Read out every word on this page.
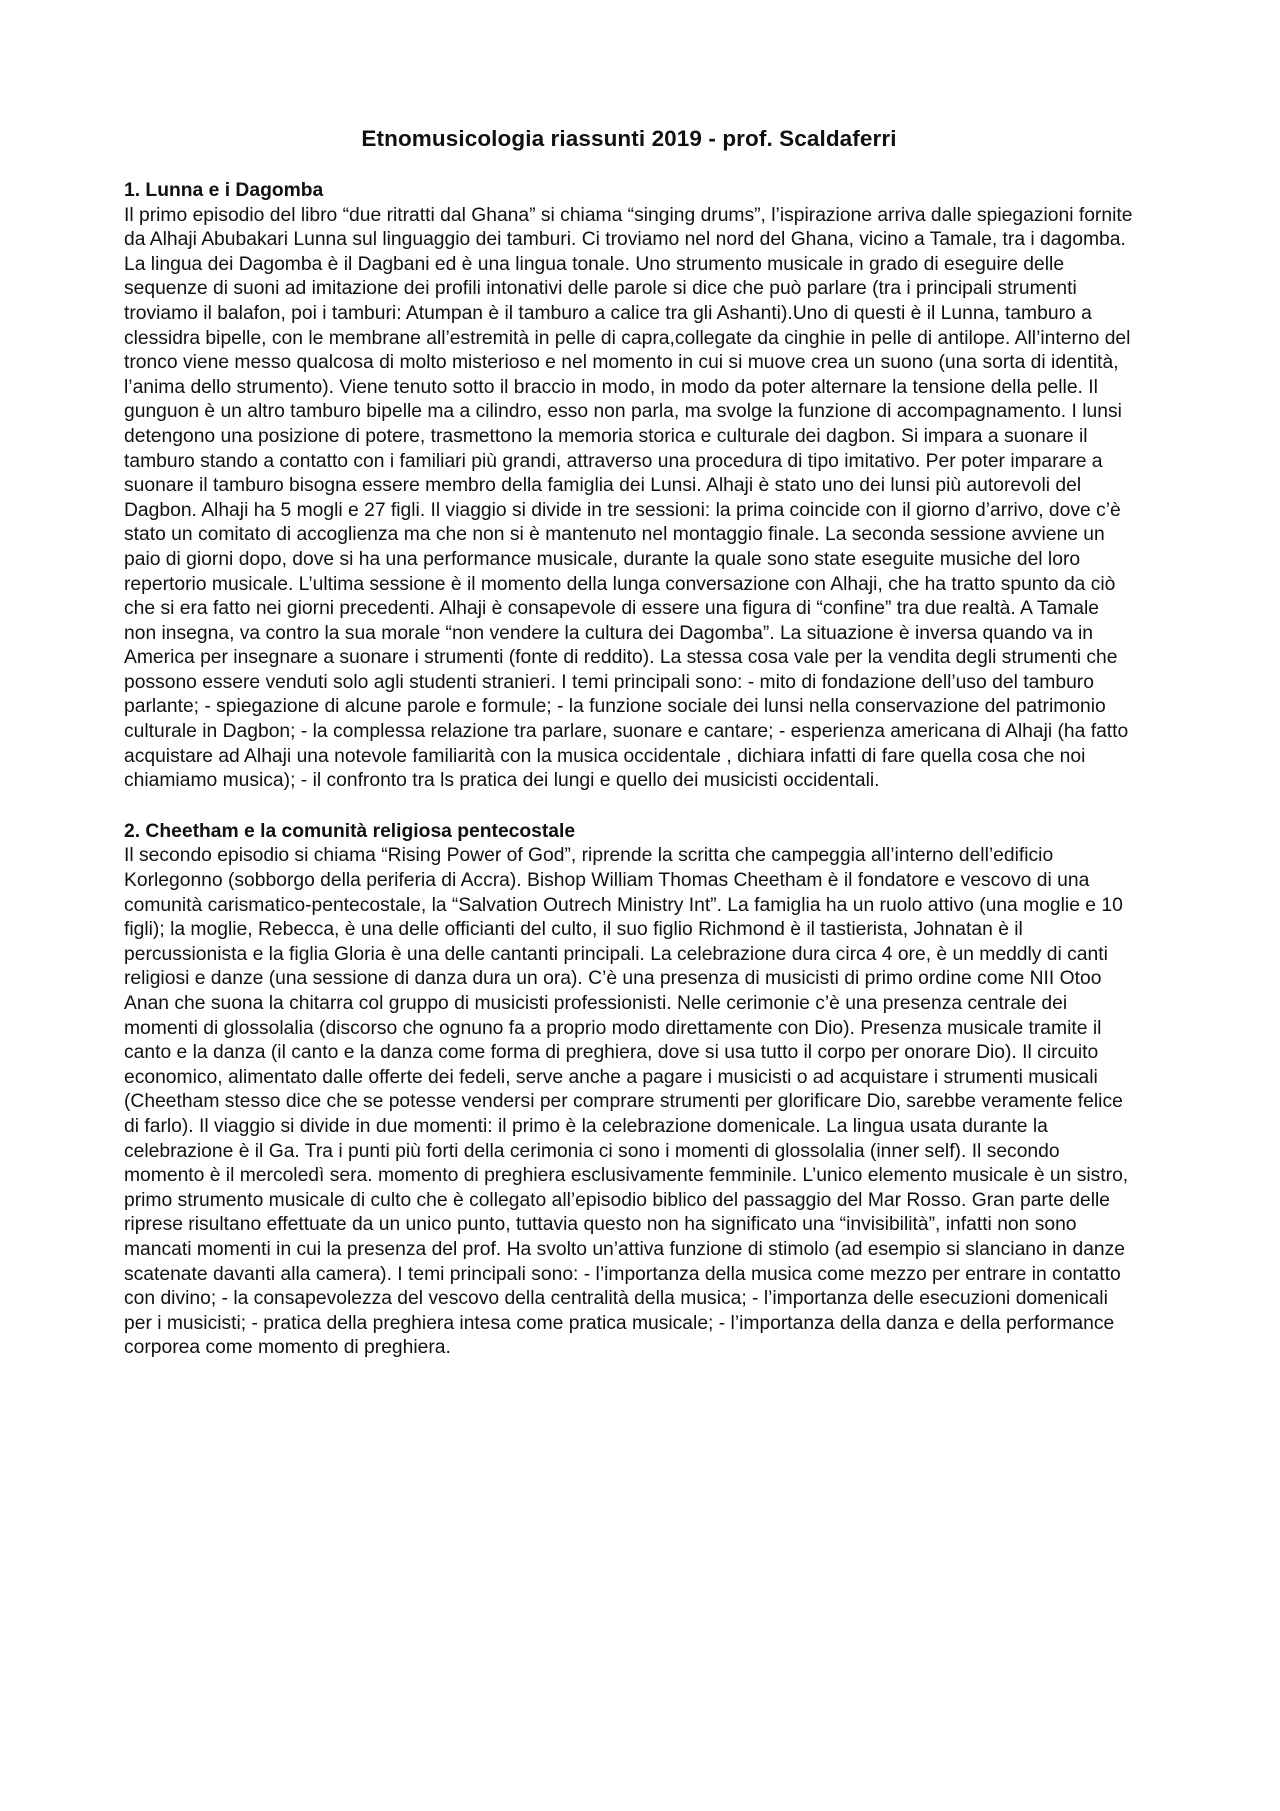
Etnomusicologia riassunti 2019 - prof. Scaldaferri
1. Lunna e i Dagomba

Il primo episodio del libro “due ritratti dal Ghana” si chiama “singing drums”, l’ispirazione arriva dalle spiegazioni fornite da Alhaji Abubakari Lunna sul linguaggio dei tamburi. Ci troviamo nel nord del Ghana, vicino a Tamale, tra i dagomba. La lingua dei Dagomba è il Dagbani ed è una lingua tonale. Uno strumento musicale in grado di eseguire delle sequenze di suoni ad imitazione dei profili intonativi delle parole si dice che può parlare (tra i principali strumenti troviamo il balafon, poi i tamburi: Atumpan è il tamburo a calice tra gli Ashanti).Uno di questi è il Lunna, tamburo a clessidra bipelle, con le membrane all’estremità in pelle di capra,collegate da cinghie in pelle di antilope. All’interno del tronco viene messo qualcosa di molto misterioso e nel momento in cui si muove crea un suono (una sorta di identità, l’anima dello strumento). Viene tenuto sotto il braccio in modo, in modo da poter alternare la tensione della pelle. Il gunguon è un altro tamburo bipelle ma a cilindro, esso non parla, ma svolge la funzione di accompagnamento. I lunsi detengono una posizione di potere, trasmettono la memoria storica e culturale dei dagbon. Si impara a suonare il tamburo stando a contatto con i familiari più grandi, attraverso una procedura di tipo imitativo. Per poter imparare a suonare il tamburo bisogna essere membro della famiglia dei Lunsi. Alhaji è stato uno dei lunsi più autorevoli del Dagbon. Alhaji ha 5 mogli e 27 figli. Il viaggio si divide in tre sessioni: la prima coincide con il giorno d’arrivo, dove c’è stato un comitato di accoglienza ma che non si è mantenuto nel montaggio finale. La seconda sessione avviene un paio di giorni dopo, dove si ha una performance musicale, durante la quale sono state eseguite musiche del loro repertorio musicale. L’ultima sessione è il momento della lunga conversazione con Alhaji, che ha tratto spunto da ciò che si era fatto nei giorni precedenti. Alhaji è consapevole di essere una figura di “confine” tra due realtà. A Tamale non insegna, va contro la sua morale “non vendere la cultura dei Dagomba”. La situazione è inversa quando va in America per insegnare a suonare i strumenti (fonte di reddito). La stessa cosa vale per la vendita degli strumenti che possono essere venduti solo agli studenti stranieri. I temi principali sono: - mito di fondazione dell’uso del tamburo parlante; - spiegazione di alcune parole e formule; - la funzione sociale dei lunsi nella conservazione del patrimonio culturale in Dagbon; - la complessa relazione tra parlare, suonare e cantare; - esperienza americana di Alhaji (ha fatto acquistare ad Alhaji una notevole familiarità con la musica occidentale , dichiara infatti di fare quella cosa che noi chiamiamo musica); - il confronto tra ls pratica dei lungi e quello dei musicisti occidentali.

2. Cheetham e la comunità religiosa pentecostale

Il secondo episodio si chiama “Rising Power of God”, riprende la scritta che campeggia all’interno dell’edificio Korlegonno (sobborgo della periferia di Accra). Bishop William Thomas Cheetham è il fondatore e vescovo di una comunità carismatico-pentecostale, la “Salvation Outrech Ministry Int”. La famiglia ha un ruolo attivo (una moglie e 10 figli); la moglie, Rebecca, è una delle officianti del culto, il suo figlio Richmond è il tastierista, Johnatan è il percussionista e la figlia Gloria è una delle cantanti principali. La celebrazione dura circa 4 ore, è un meddly di canti religiosi e danze (una sessione di danza dura un ora). C’è una presenza di musicisti di primo ordine come NII Otoo Anan che suona la chitarra col gruppo di musicisti professionisti. Nelle cerimonie c’è una presenza centrale dei momenti di glossolalia (discorso che ognuno fa a proprio modo direttamente con Dio). Presenza musicale tramite il canto e la danza (il canto e la danza come forma di preghiera, dove si usa tutto il corpo per onorare Dio). Il circuito economico, alimentato dalle offerte dei fedeli, serve anche a pagare i musicisti o ad acquistare i strumenti musicali (Cheetham stesso dice che se potesse vendersi per comprare strumenti per glorificare Dio, sarebbe veramente felice di farlo). Il viaggio si divide in due momenti: il primo è la celebrazione domenicale. La lingua usata durante la celebrazione è il Ga. Tra i punti più forti della cerimonia ci sono i momenti di glossolalia (inner self). Il secondo momento è il mercoledì sera. momento di preghiera esclusivamente femminile. L’unico elemento musicale è un sistro, primo strumento musicale di culto che è collegato all’episodio biblico del passaggio del Mar Rosso. Gran parte delle riprese risultano effettuate da un unico punto, tuttavia questo non ha significato una “invisibilità”, infatti non sono mancati momenti in cui la presenza del prof. Ha svolto un’attiva funzione di stimolo (ad esempio si slanciano in danze scatenate davanti alla camera). I temi principali sono: - l’importanza della musica come mezzo per entrare in contatto con divino; - la consapevolezza del vescovo della centralità della musica; - l’importanza delle esecuzioni domenicali per i musicisti; - pratica della preghiera intesa come pratica musicale; - l’importanza della danza e della performance corporea come momento di preghiera.
